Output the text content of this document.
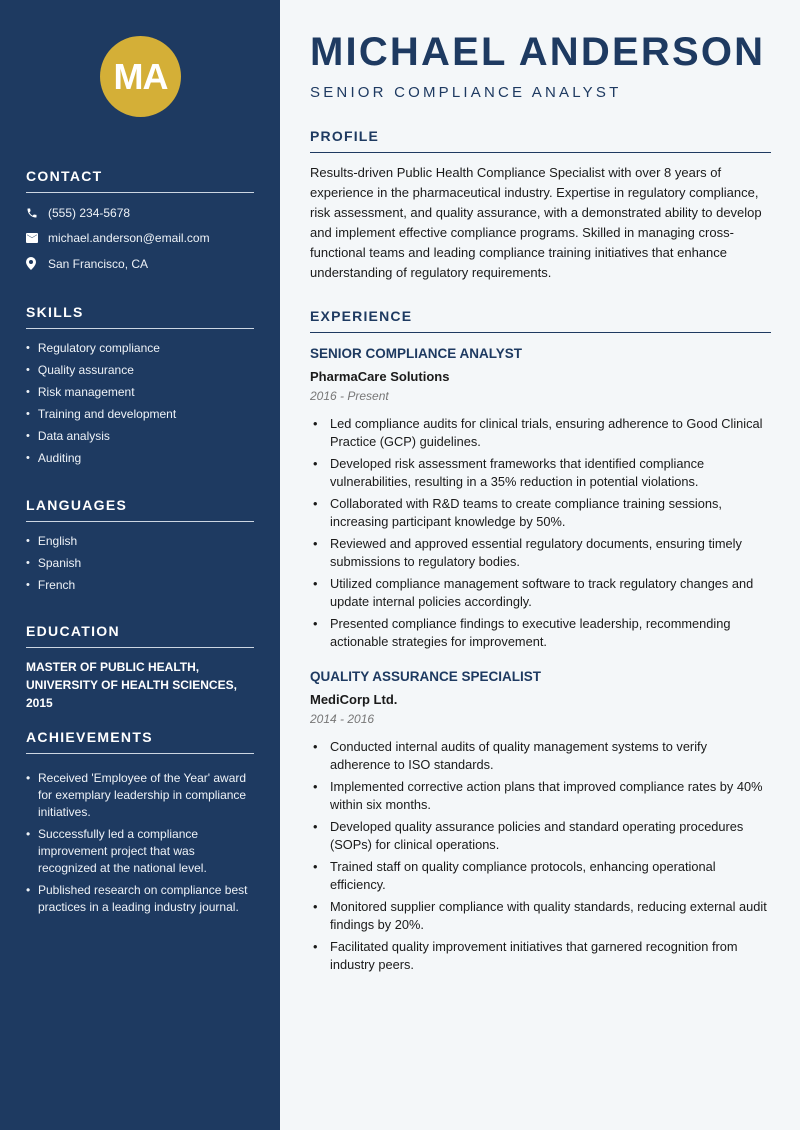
MA
CONTACT
(555) 234-5678
michael.anderson@email.com
San Francisco, CA
SKILLS
• Regulatory compliance
• Quality assurance
• Risk management
• Training and development
• Data analysis
• Auditing
LANGUAGES
• English
• Spanish
• French
EDUCATION
MASTER OF PUBLIC HEALTH,
UNIVERSITY OF HEALTH SCIENCES, 2015
ACHIEVEMENTS
• Received 'Employee of the Year' award for exemplary leadership in compliance initiatives.
• Successfully led a compliance improvement project that was recognized at the national level.
• Published research on compliance best practices in a leading industry journal.
MICHAEL ANDERSON
SENIOR COMPLIANCE ANALYST
PROFILE
Results-driven Public Health Compliance Specialist with over 8 years of experience in the pharmaceutical industry. Expertise in regulatory compliance, risk assessment, and quality assurance, with a demonstrated ability to develop and implement effective compliance programs. Skilled in managing cross-functional teams and leading compliance training initiatives that enhance understanding of regulatory requirements.
EXPERIENCE
SENIOR COMPLIANCE ANALYST
PharmaCare Solutions
2016 - Present
• Led compliance audits for clinical trials, ensuring adherence to Good Clinical Practice (GCP) guidelines.
• Developed risk assessment frameworks that identified compliance vulnerabilities, resulting in a 35% reduction in potential violations.
• Collaborated with R&D teams to create compliance training sessions, increasing participant knowledge by 50%.
• Reviewed and approved essential regulatory documents, ensuring timely submissions to regulatory bodies.
• Utilized compliance management software to track regulatory changes and update internal policies accordingly.
• Presented compliance findings to executive leadership, recommending actionable strategies for improvement.
QUALITY ASSURANCE SPECIALIST
MediCorp Ltd.
2014 - 2016
• Conducted internal audits of quality management systems to verify adherence to ISO standards.
• Implemented corrective action plans that improved compliance rates by 40% within six months.
• Developed quality assurance policies and standard operating procedures (SOPs) for clinical operations.
• Trained staff on quality compliance protocols, enhancing operational efficiency.
• Monitored supplier compliance with quality standards, reducing external audit findings by 20%.
• Facilitated quality improvement initiatives that garnered recognition from industry peers.
